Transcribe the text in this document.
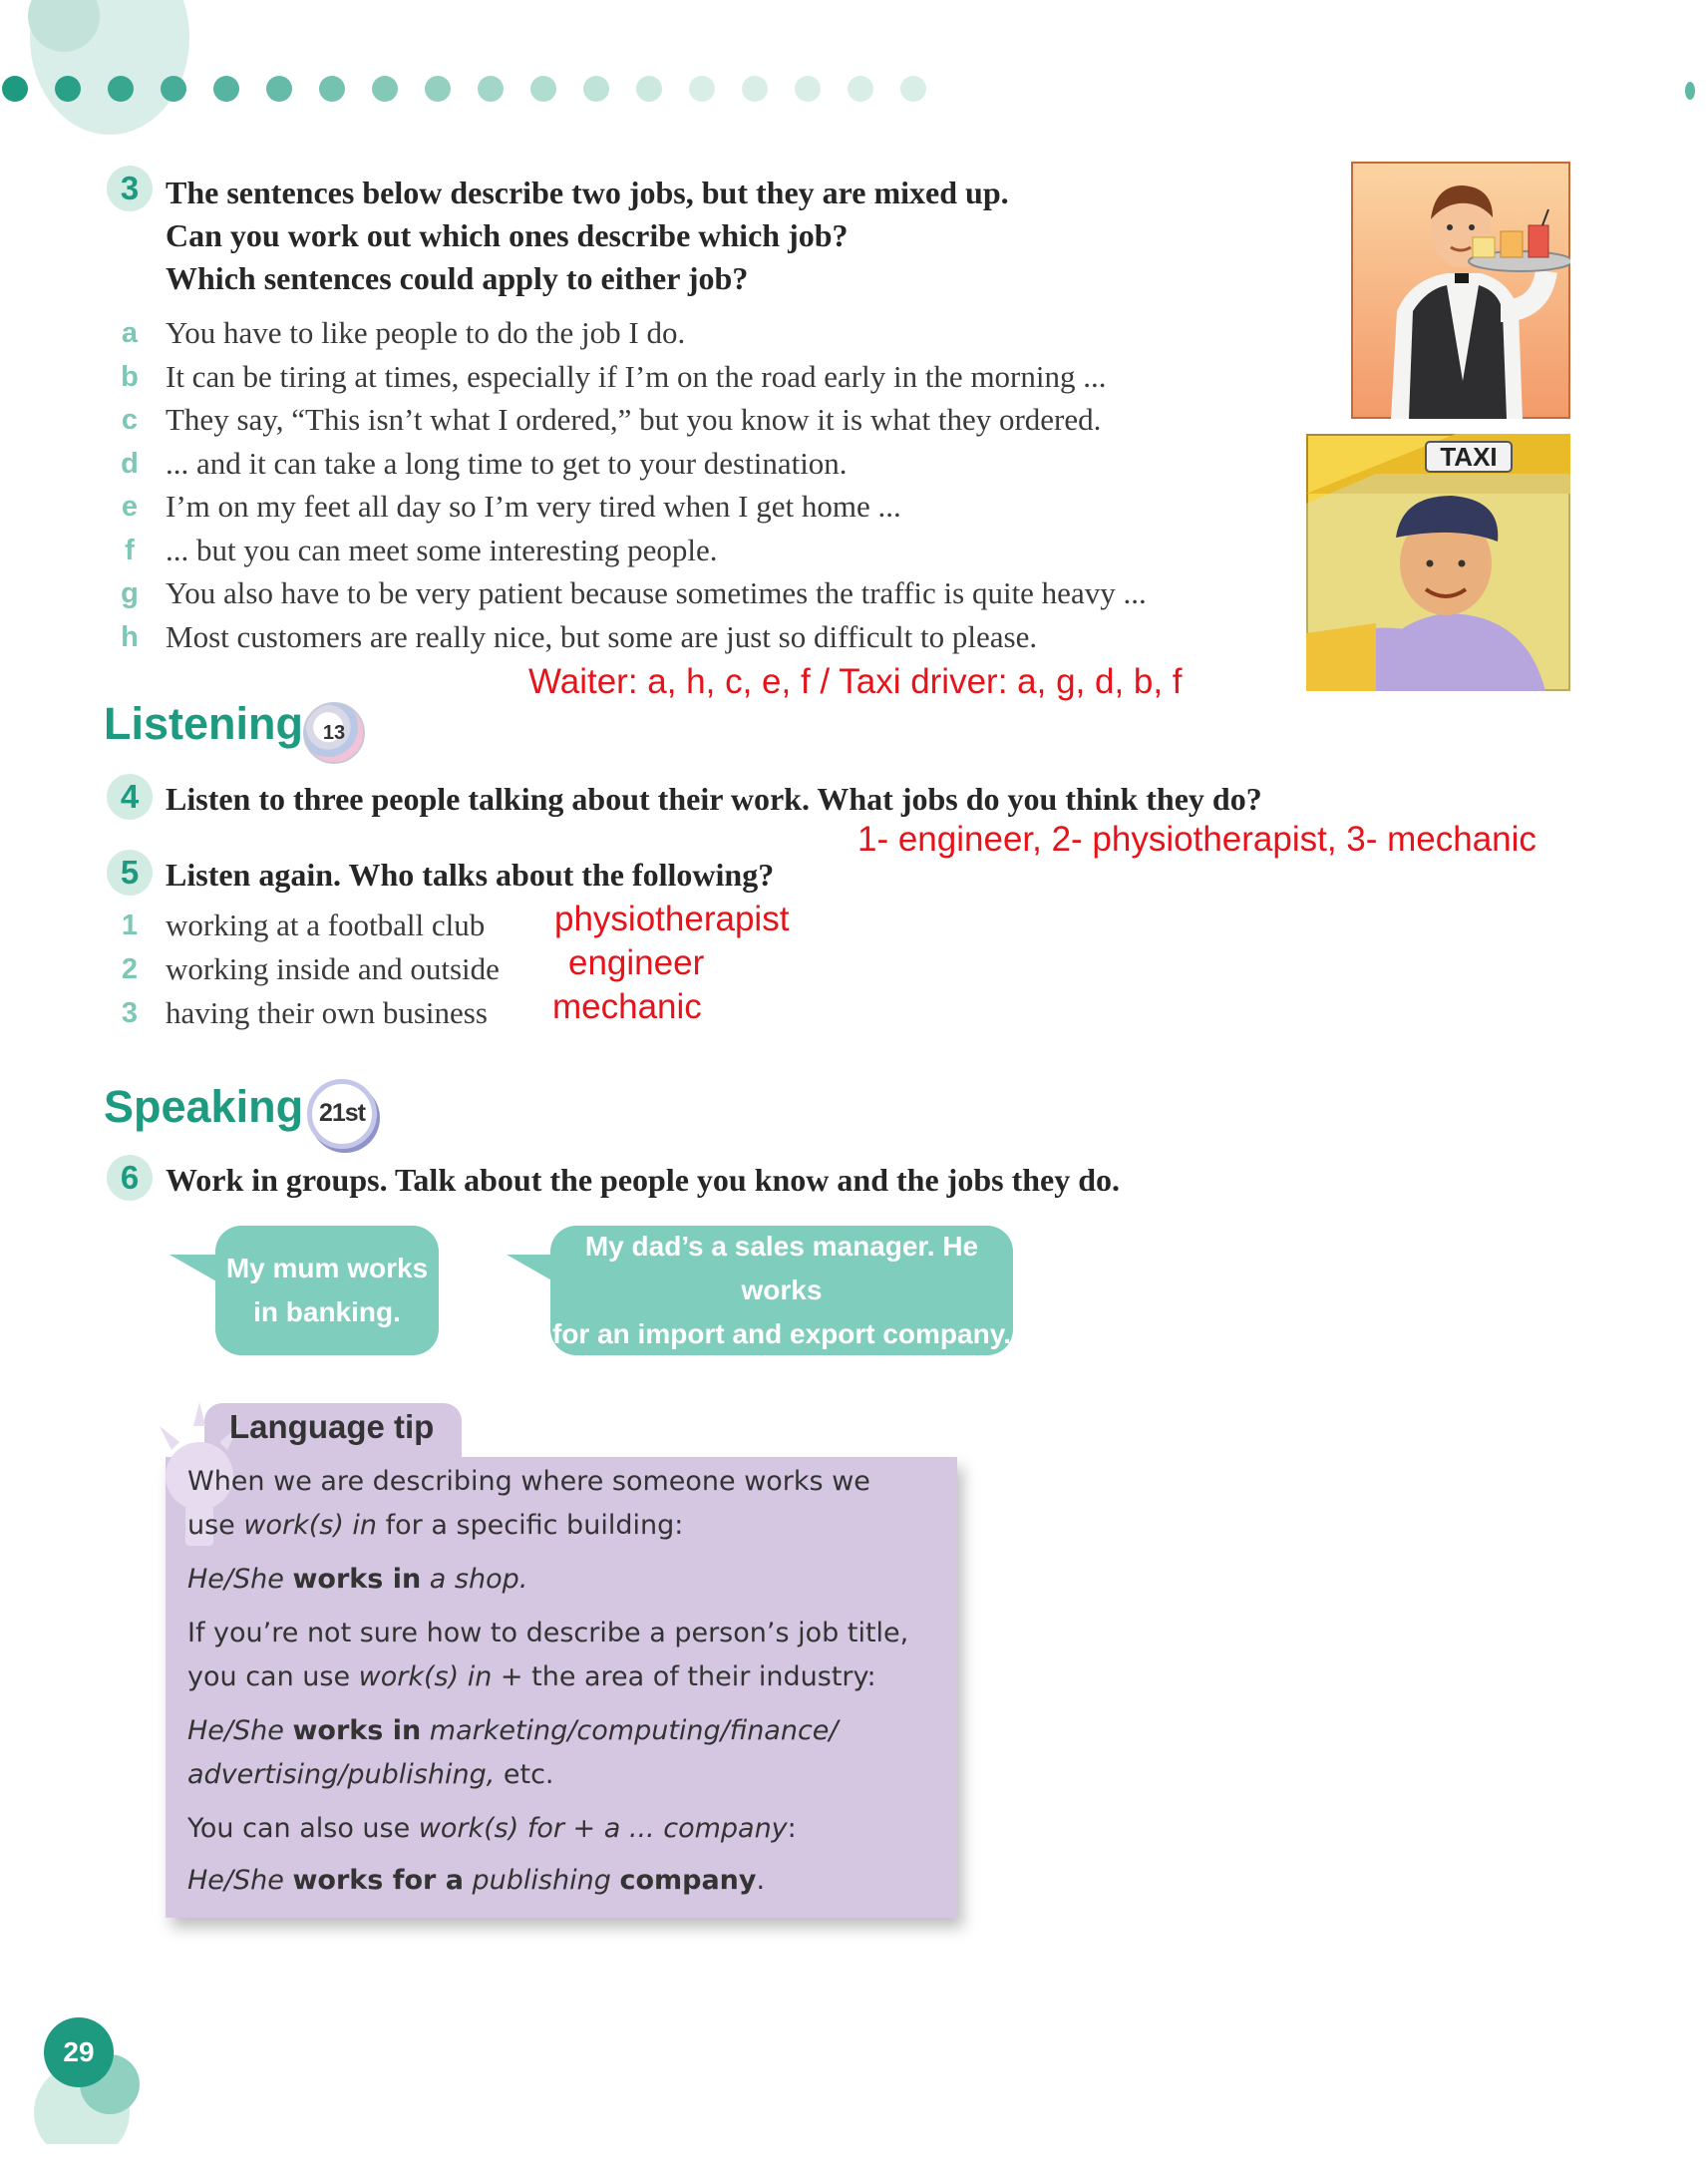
3 The sentences below describe two jobs, but they are mixed up.
Can you work out which ones describe which job?
Which sentences could apply to either job?
a You have to like people to do the job I do.
b It can be tiring at times, especially if I’m on the road early in the morning ...
c They say, “This isn’t what I ordered,” but you know it is what they ordered.
d ... and it can take a long time to get to your destination.
e I’m on my feet all day so I’m very tired when I get home ...
f	... but you can meet some interesting people.
g You also have to be very patient because sometimes the traffic is quite heavy ...
h Most customers are really nice, but some are just so difficult to please.
Waiter: a, h, c, e, f / Taxi driver: a, g, d, b, f
TAXI
Listening 13
4 Listen to three people talking about their work. What jobs do you think they do?
1- engineer, 2- physiotherapist, 3- mechanic
5 Listen again. Who talks about the following?
1 working at a football club physiotherapist
2 working inside and outside engineer
3 having their own business mechanic
Speaking 21st
6 Work in groups. Talk about the people you know and the jobs they do.
My mum works
in banking.
My dad’s a sales manager. He works
for an import and export company.
Language tip
When we are describing where someone works we
use work(s) in for a specific building:
He/She works in a shop.
If you’re not sure how to describe a person’s job title,
you can use work(s) in + the area of their industry:
He/She works in marketing/computing/finance/
advertising/publishing, etc.
You can also use work(s) for + a ... company:
He/She works for a publishing company.
29
